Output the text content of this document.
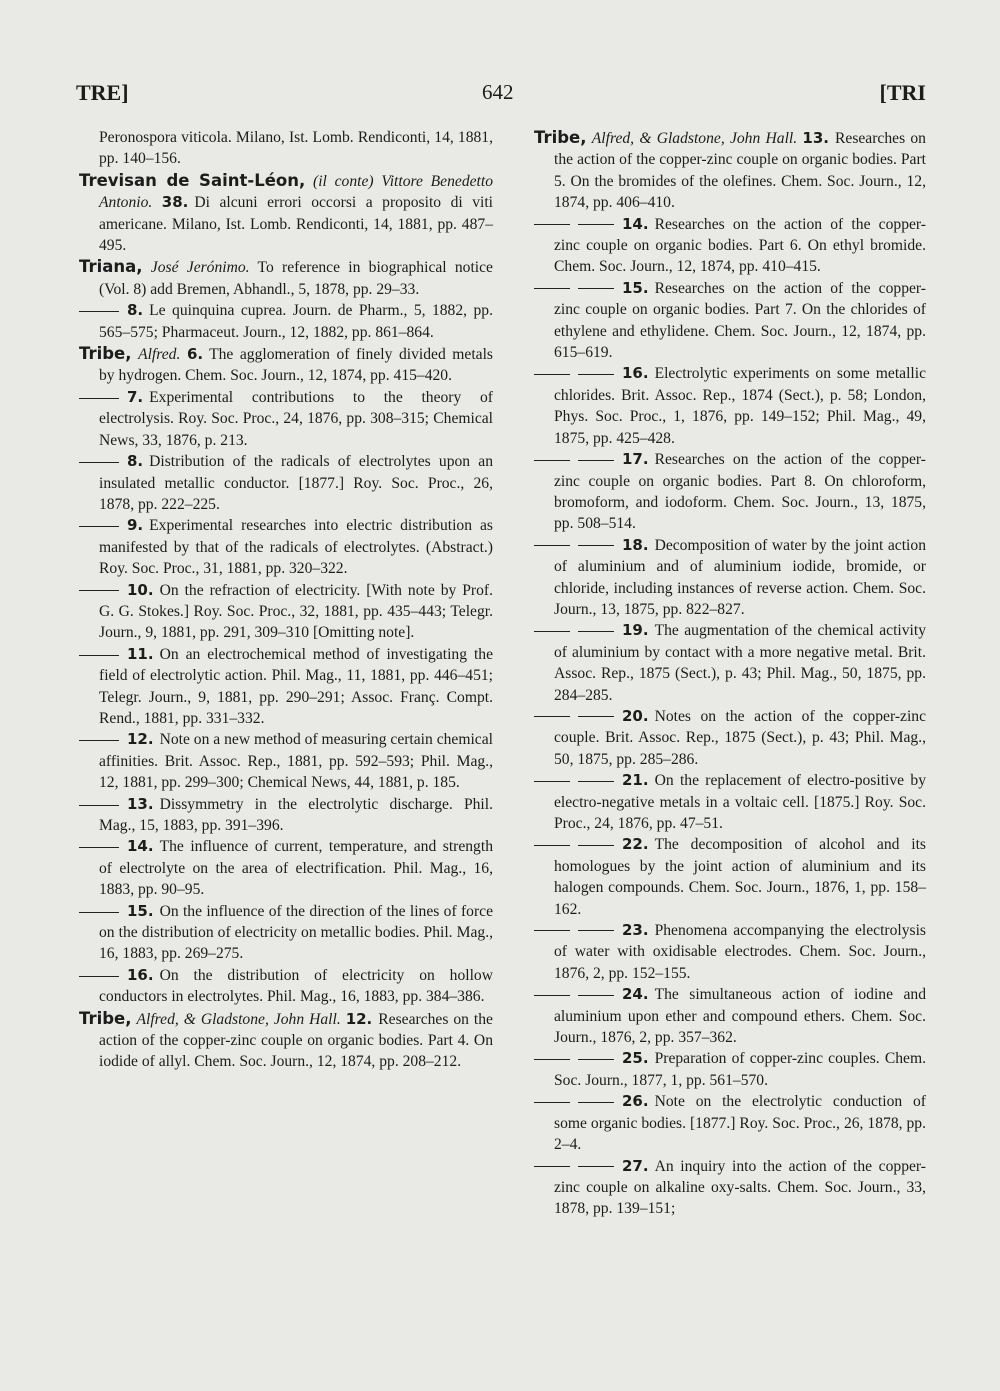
TRE]	642	[TRI

Peronospora viticola. Milano, Ist. Lomb. Rendiconti, 14, 1881, pp. 140–156.

Trevisan de Saint-Léon, (il conte) Vittore Benedetto Antonio. 38. Di alcuni errori occorsi a proposito di viti americane. Milano, Ist. Lomb. Rendiconti, 14, 1881, pp. 487–495.

Triana, José Jerónimo. To reference in biographical notice (Vol. 8) add Bremen, Abhandl., 5, 1878, pp. 29–33.

8. Le quinquina cuprea. Journ. de Pharm., 5, 1882, pp. 565–575; Pharmaceut. Journ., 12, 1882, pp. 861–864.

Tribe, Alfred. 6. The agglomeration of finely divided metals by hydrogen. Chem. Soc. Journ., 12, 1874, pp. 415–420.

7. Experimental contributions to the theory of electrolysis. Roy. Soc. Proc., 24, 1876, pp. 308–315; Chemical News, 33, 1876, p. 213.

8. Distribution of the radicals of electrolytes upon an insulated metallic conductor. [1877.] Roy. Soc. Proc., 26, 1878, pp. 222–225.

9. Experimental researches into electric distribution as manifested by that of the radicals of electrolytes. (Abstract.) Roy. Soc. Proc., 31, 1881, pp. 320–322.

10. On the refraction of electricity. [With note by Prof. G. G. Stokes.] Roy. Soc. Proc., 32, 1881, pp. 435–443; Telegr. Journ., 9, 1881, pp. 291, 309–310 [Omitting note].

11. On an electrochemical method of investigating the field of electrolytic action. Phil. Mag., 11, 1881, pp. 446–451; Telegr. Journ., 9, 1881, pp. 290–291; Assoc. Franç. Compt. Rend., 1881, pp. 331–332.

12. Note on a new method of measuring certain chemical affinities. Brit. Assoc. Rep., 1881, pp. 592–593; Phil. Mag., 12, 1881, pp. 299–300; Chemical News, 44, 1881, p. 185.

13. Dissymmetry in the electrolytic discharge. Phil. Mag., 15, 1883, pp. 391–396.

14. The influence of current, temperature, and strength of electrolyte on the area of electrification. Phil. Mag., 16, 1883, pp. 90–95.

15. On the influence of the direction of the lines of force on the distribution of electricity on metallic bodies. Phil. Mag., 16, 1883, pp. 269–275.

16. On the distribution of electricity on hollow conductors in electrolytes. Phil. Mag., 16, 1883, pp. 384–386.

Tribe, Alfred, & Gladstone, John Hall. 12. Researches on the action of the copper-zinc couple on organic bodies. Part 4. On iodide of allyl. Chem. Soc. Journ., 12, 1874, pp. 208–212.

Tribe, Alfred, & Gladstone, John Hall. 13. Researches on the action of the copper-zinc couple on organic bodies. Part 5. On the bromides of the olefines. Chem. Soc. Journ., 12, 1874, pp. 406–410.

14. Researches on the action of the copper-zinc couple on organic bodies. Part 6. On ethyl bromide. Chem. Soc. Journ., 12, 1874, pp. 410–415.

15. Researches on the action of the copper-zinc couple on organic bodies. Part 7. On the chlorides of ethylene and ethylidene. Chem. Soc. Journ., 12, 1874, pp. 615–619.

16. Electrolytic experiments on some metallic chlorides. Brit. Assoc. Rep., 1874 (Sect.), p. 58; London, Phys. Soc. Proc., 1, 1876, pp. 149–152; Phil. Mag., 49, 1875, pp. 425–428.

17. Researches on the action of the copper-zinc couple on organic bodies. Part 8. On chloroform, bromoform, and iodoform. Chem. Soc. Journ., 13, 1875, pp. 508–514.

18. Decomposition of water by the joint action of aluminium and of aluminium iodide, bromide, or chloride, including instances of reverse action. Chem. Soc. Journ., 13, 1875, pp. 822–827.

19. The augmentation of the chemical activity of aluminium by contact with a more negative metal. Brit. Assoc. Rep., 1875 (Sect.), p. 43; Phil. Mag., 50, 1875, pp. 284–285.

20. Notes on the action of the copper-zinc couple. Brit. Assoc. Rep., 1875 (Sect.), p. 43; Phil. Mag., 50, 1875, pp. 285–286.

21. On the replacement of electro-positive by electro-negative metals in a voltaic cell. [1875.] Roy. Soc. Proc., 24, 1876, pp. 47–51.

22. The decomposition of alcohol and its homologues by the joint action of aluminium and its halogen compounds. Chem. Soc. Journ., 1876, 1, pp. 158–162.

23. Phenomena accompanying the electrolysis of water with oxidisable electrodes. Chem. Soc. Journ., 1876, 2, pp. 152–155.

24. The simultaneous action of iodine and aluminium upon ether and compound ethers. Chem. Soc. Journ., 1876, 2, pp. 357–362.

25. Preparation of copper-zinc couples. Chem. Soc. Journ., 1877, 1, pp. 561–570.

26. Note on the electrolytic conduction of some organic bodies. [1877.] Roy. Soc. Proc., 26, 1878, pp. 2–4.

27. An inquiry into the action of the copper-zinc couple on alkaline oxy-salts. Chem. Soc. Journ., 33, 1878, pp. 139–151;
